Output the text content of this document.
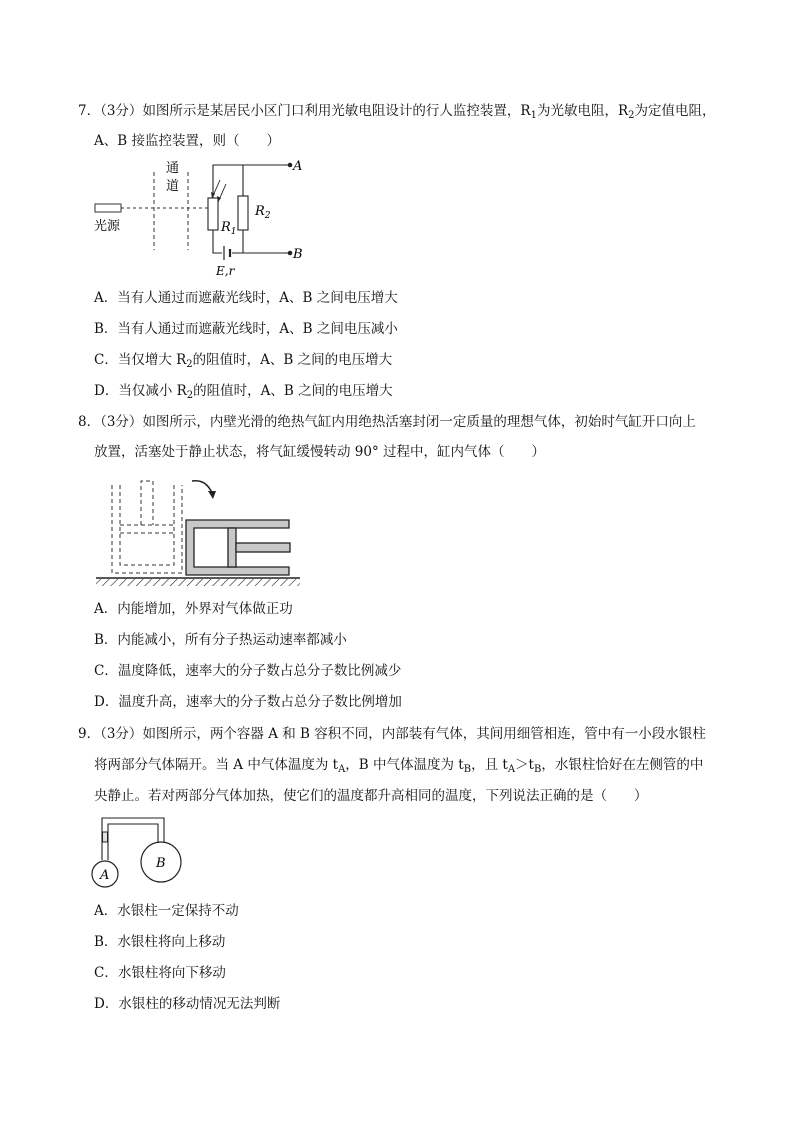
7．（3分）如图所示是某居民小区门口利用光敏电阻设计的行人监控装置，$R_1$为光敏电阻，$R_2$为定值电阻，
A、B 接监控装置，则（　　）
通
道
光源
E,r
$R_1$
$R_2$
A
B
A．当有人通过而遮蔽光线时，A、B 之间电压增大
B．当有人通过而遮蔽光线时，A、B 之间电压减小
C．当仅增大 $R_2$的阻值时，A、B 之间的电压增大
D．当仅减小 $R_2$的阻值时，A、B 之间的电压增大
8．（3分）如图所示，内壁光滑的绝热气缸内用绝热活塞封闭一定质量的理想气体，初始时气缸开口向上
放置，活塞处于静止状态，将气缸缓慢转动 90° 过程中，缸内气体（　　）
A．内能增加，外界对气体做正功
B．内能减小，所有分子热运动速率都减小
C．温度降低，速率大的分子数占总分子数比例减少
D．温度升高，速率大的分子数占总分子数比例增加
9．（3分）如图所示，两个容器 A 和 B 容积不同，内部装有气体，其间用细管相连，管中有一小段水银柱
将两部分气体隔开。当 A 中气体温度为 $t_A$，B 中气体温度为 $t_B$，且 $t_A>t_B$，水银柱恰好在左侧管的中
央静止。若对两部分气体加热，使它们的温度都升高相同的温度，下列说法正确的是（　　）
A
B
A．水银柱一定保持不动
B．水银柱将向上移动
C．水银柱将向下移动
D．水银柱的移动情况无法判断
